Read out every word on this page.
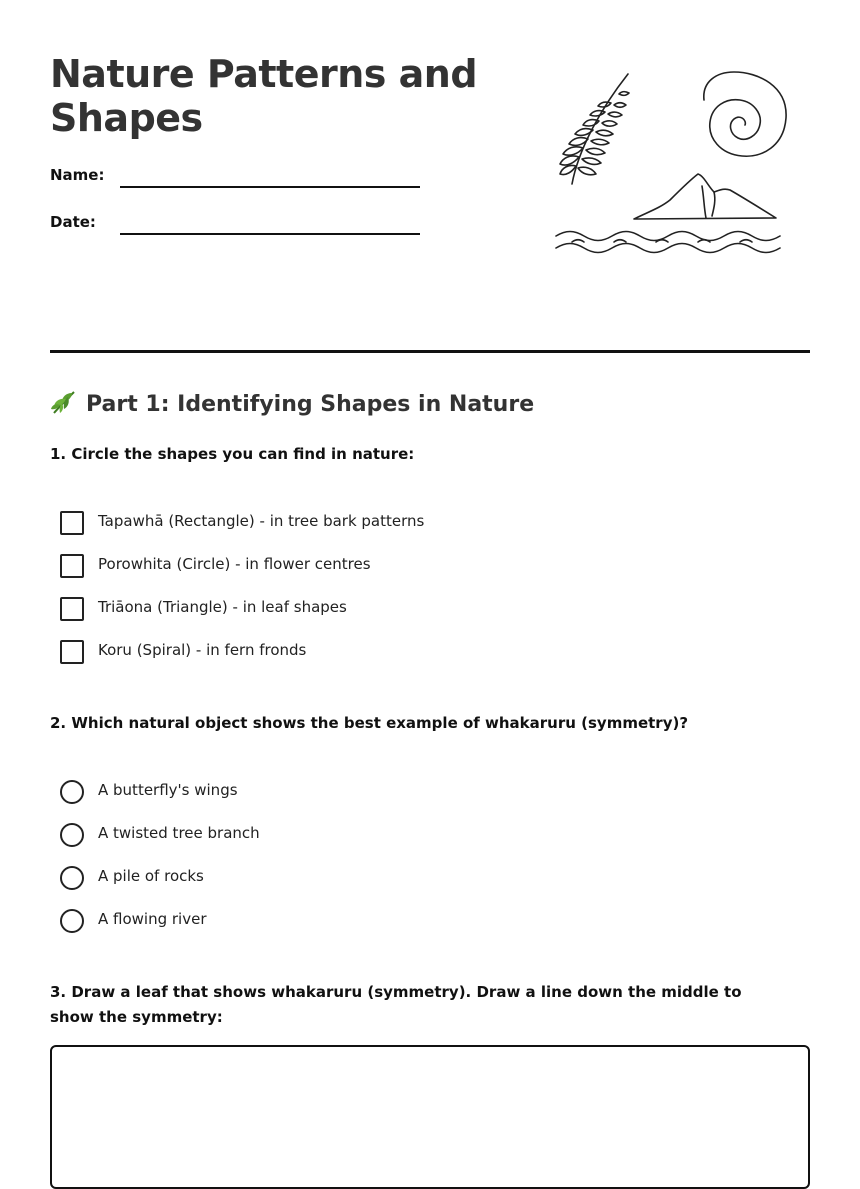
Nature Patterns and Shapes
Name:
Date:
Part 1: Identifying Shapes in Nature
1. Circle the shapes you can find in nature:
Tapawhā (Rectangle) - in tree bark patterns
Porowhita (Circle) - in flower centres
Triāona (Triangle) - in leaf shapes
Koru (Spiral) - in fern fronds
2. Which natural object shows the best example of whakaruru (symmetry)?
A butterfly's wings
A twisted tree branch
A pile of rocks
A flowing river
3. Draw a leaf that shows whakaruru (symmetry). Draw a line down the middle to show the symmetry:
